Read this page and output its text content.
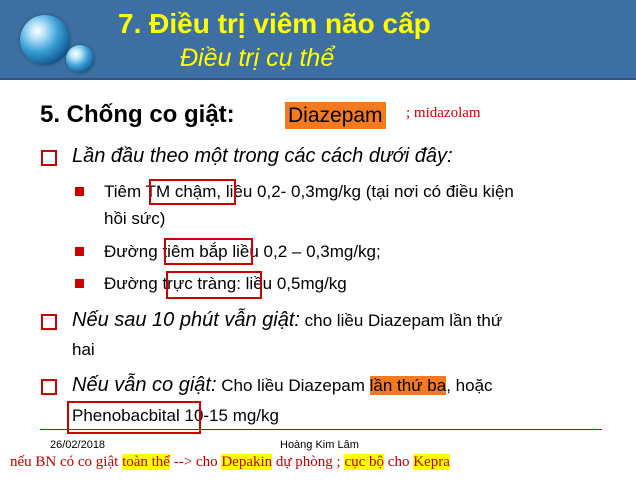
7. Điều trị viêm não cấp
Điều trị cụ thể
5. Chống co giật:	Diazepam ; midazolam
Lần đầu theo một trong các cách dưới đây:
Tiêm TM chậm, liều 0,2- 0,3mg/kg (tại nơi có điều kiện
hồi sức)
Đường tiêm bắp liều 0,2 – 0,3mg/kg;
Đường trực tràng: liều 0,5mg/kg
Nếu sau 10 phút vẫn giật: cho liều Diazepam lần thứ
hai
Nếu vẫn co giật: Cho liều Diazepam lần thứ ba, hoặc
Phenobacbital 10-15 mg/kg
26/02/2018	Hoàng Kim Lâm
nếu BN có co giật toàn thể --> cho Depakin dự phòng ; cục bộ cho Kepra
